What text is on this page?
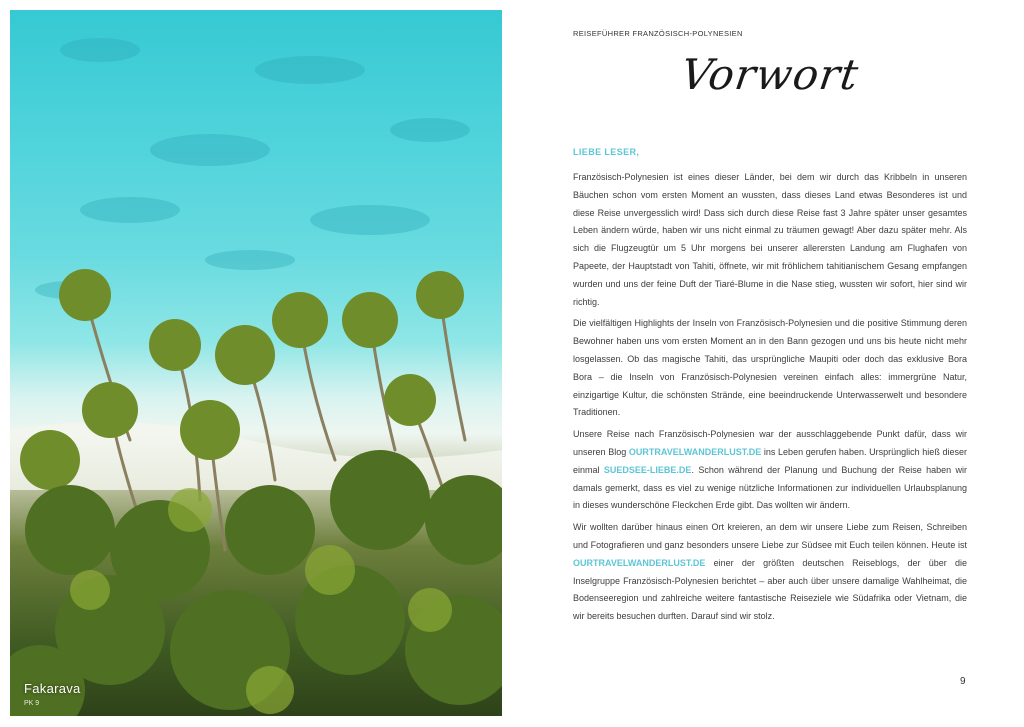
Fakarava
PK 9
REISEFÜHRER FRANZÖSISCH-POLYNESIEN
Vorwort

LIEBE LESER,

Französisch-Polynesien ist eines dieser Länder, bei dem wir durch das Kribbeln in unseren Bäuchen schon vom ersten Moment an wussten, dass dieses Land etwas Besonderes ist und diese Reise unvergesslich wird! Dass sich durch diese Reise fast 3 Jahre später unser gesamtes Leben ändern würde, haben wir uns nicht einmal zu träumen gewagt! Aber dazu später mehr. Als sich die Flugzeugtür um 5 Uhr morgens bei unserer allerersten Landung am Flughafen von Papeete, der Hauptstadt von Tahiti, öffnete, wir mit fröhlichem tahitianischem Gesang empfangen wurden und uns der feine Duft der Tiaré-Blume in die Nase stieg, wussten wir sofort, hier sind wir richtig.

Die vielfältigen Highlights der Inseln von Französisch-Polynesien und die positive Stimmung deren Bewohner haben uns vom ersten Moment an in den Bann gezogen und uns bis heute nicht mehr losgelassen. Ob das magische Tahiti, das ursprüngliche Maupiti oder doch das exklusive Bora Bora – die Inseln von Französisch-Polynesien vereinen einfach alles: immergrüne Natur, einzigartige Kultur, die schönsten Strände, eine beeindruckende Unterwasserwelt und besondere Traditionen.

Unsere Reise nach Französisch-Polynesien war der ausschlaggebende Punkt dafür, dass wir unseren Blog OURTRAVELWANDERLUST.DE ins Leben gerufen haben. Ursprünglich hieß dieser einmal SUEDSEE-LIEBE.DE. Schon während der Planung und Buchung der Reise haben wir damals gemerkt, dass es viel zu wenige nützliche Informationen zur individuellen Urlaubsplanung in dieses wunderschöne Fleckchen Erde gibt. Das wollten wir ändern.

Wir wollten darüber hinaus einen Ort kreieren, an dem wir unsere Liebe zum Reisen, Schreiben und Fotografieren und ganz besonders unsere Liebe zur Südsee mit Euch teilen können. Heute ist OURTRAVELWANDERLUST.DE einer der größten deutschen Reiseblogs, der über die Inselgruppe Französisch-Polynesien berichtet – aber auch über unsere damalige Wahlheimat, die Bodenseeregion und zahlreiche weitere fantastische Reiseziele wie Südafrika oder Vietnam, die wir bereits besuchen durften. Darauf sind wir stolz.

9
